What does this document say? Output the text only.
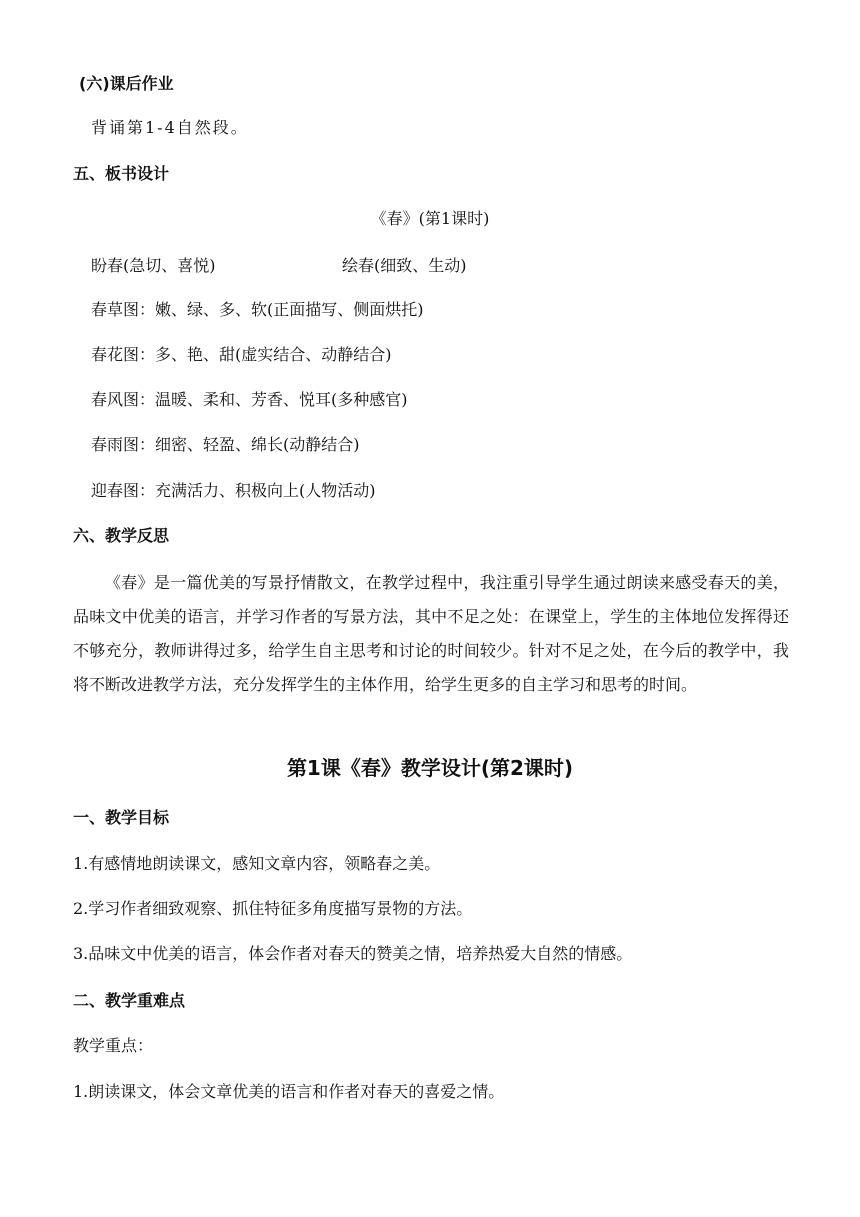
(六)课后作业
背诵第1-4自然段。
五、板书设计
《春》(第1课时)
盼春(急切、喜悦)	绘春(细致、生动)
春草图：嫩、绿、多、软(正面描写、侧面烘托)
春花图：多、艳、甜(虚实结合、动静结合)
春风图：温暖、柔和、芳香、悦耳(多种感官)
春雨图：细密、轻盈、绵长(动静结合)
迎春图：充满活力、积极向上(人物活动)
六、教学反思
《春》是一篇优美的写景抒情散文，在教学过程中，我注重引导学生通过朗读来感受春天的美，品味文中优美的语言，并学习作者的写景方法，其中不足之处：在课堂上，学生的主体地位发挥得还不够充分，教师讲得过多，给学生自主思考和讨论的时间较少。针对不足之处，在今后的教学中，我将不断改进教学方法，充分发挥学生的主体作用，给学生更多的自主学习和思考的时间。
第1课《春》教学设计(第2课时)
一、教学目标
1.有感情地朗读课文，感知文章内容，领略春之美。
2.学习作者细致观察、抓住特征多角度描写景物的方法。
3.品味文中优美的语言，体会作者对春天的赞美之情，培养热爱大自然的情感。
二、教学重难点
教学重点：
1.朗读课文，体会文章优美的语言和作者对春天的喜爱之情。
